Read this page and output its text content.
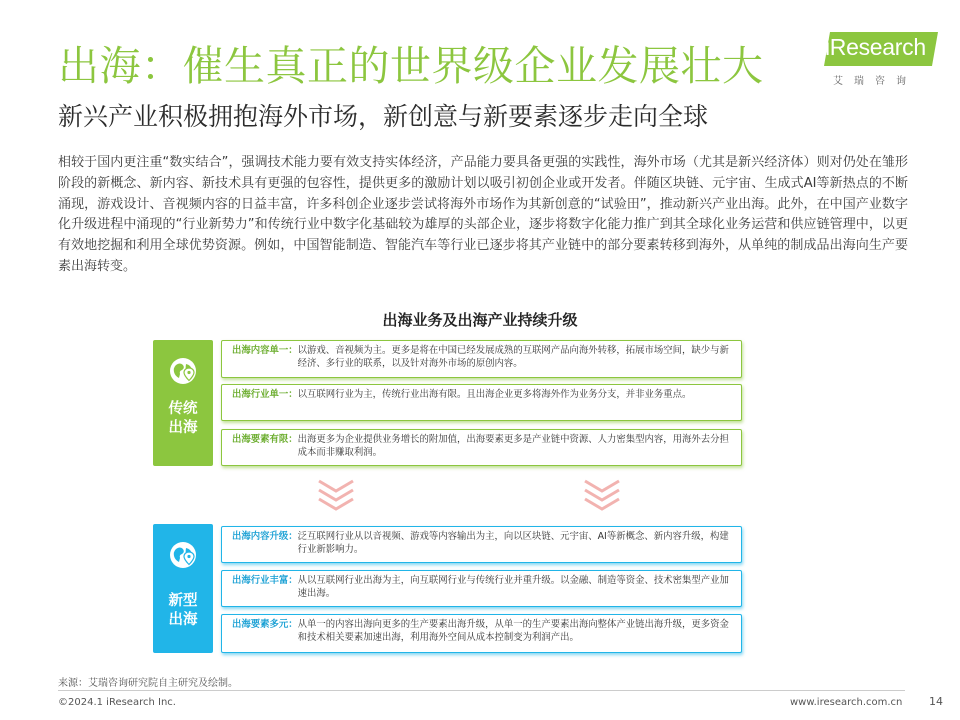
出海：催生真正的世界级企业发展壮大
新兴产业积极拥抱海外市场，新创意与新要素逐步走向全球
iResearch
艾瑞咨询

相较于国内更注重“数实结合”，强调技术能力要有效支持实体经济，产品能力要具备更强的实践性，海外市场（尤其是新兴经济体）则对仍处在雏形阶段的新概念、新内容、新技术具有更强的包容性，提供更多的激励计划以吸引初创企业或开发者。伴随区块链、元宇宙、生成式AI等新热点的不断涌现，游戏设计、音视频内容的日益丰富，许多科创企业逐步尝试将海外市场作为其新创意的“试验田”，推动新兴产业出海。此外，在中国产业数字化升级进程中涌现的“行业新势力”和传统行业中数字化基础较为雄厚的头部企业，逐步将数字化能力推广到其全球化业务运营和供应链管理中，以更有效地挖掘和利用全球优势资源。例如，中国智能制造、智能汽车等行业已逐步将其产业链中的部分要素转移到海外，从单纯的制成品出海向生产要素出海转变。

出海业务及出海产业持续升级
传统
出海
出海内容单一： 以游戏、音视频为主。更多是将在中国已经发展成熟的互联网产品向海外转移，拓展市场空间，缺少与新经济、多行业的联系，以及针对海外市场的原创内容。
出海行业单一： 以互联网行业为主，传统行业出海有限。且出海企业更多将海外作为业务分支，并非业务重点。
出海要素有限： 出海更多为企业提供业务增长的附加值，出海要素更多是产业链中资源、人力密集型内容，用海外去分担成本而非赚取利润。
新型
出海
出海内容升级： 泛互联网行业从以音视频、游戏等内容输出为主，向以区块链、元宇宙、AI等新概念、新内容升级，构建行业新影响力。
出海行业丰富： 从以互联网行业出海为主，向互联网行业与传统行业并重升级。以金融、制造等资金、技术密集型产业加速出海。
出海要素多元： 从单一的内容出海向更多的生产要素出海升级，从单一的生产要素出海向整体产业链出海升级，更多资金和技术相关要素加速出海，利用海外空间从成本控制变为利润产出。
来源：艾瑞咨询研究院自主研究及绘制。
©2024.1 iResearch Inc.	www.iresearch.com.cn 14
